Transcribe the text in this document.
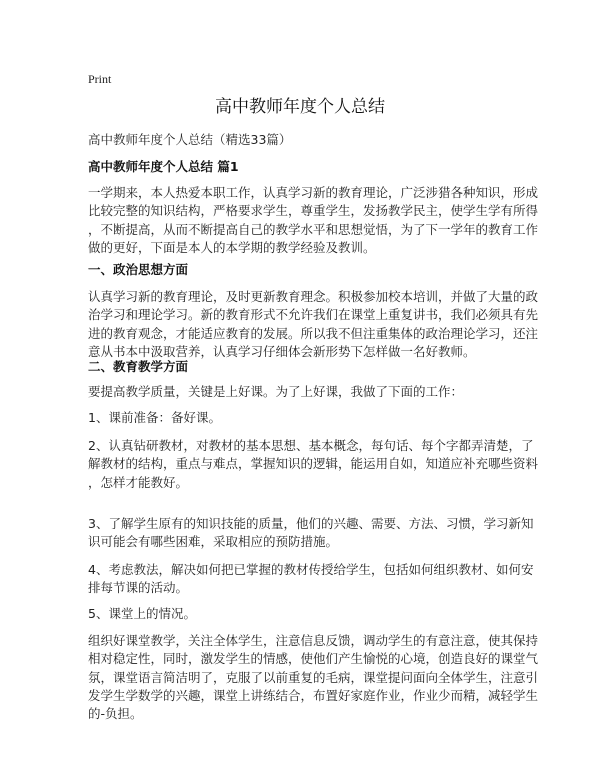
Print
高中教师年度个人总结
高中教师年度个人总结（精选33篇）
高中教师年度个人总结 篇1
一学期来，本人热爱本职工作，认真学习新的教育理论，广泛涉猎各种知识，形成
比较完整的知识结构，严格要求学生，尊重学生，发扬教学民主，使学生学有所得
，不断提高，从而不断提高自己的教学水平和思想觉悟，为了下一学年的教育工作
做的更好，下面是本人的本学期的教学经验及教训。
一、政治思想方面
认真学习新的教育理论，及时更新教育理念。积极参加校本培训，并做了大量的政
治学习和理论学习。新的教育形式不允许我们在课堂上重复讲书，我们必须具有先
进的教育观念，才能适应教育的发展。所以我不但注重集体的政治理论学习，还注
意从书本中汲取营养，认真学习仔细体会新形势下怎样做一名好教师。
二、教育教学方面
要提高教学质量，关键是上好课。为了上好课，我做了下面的工作：
1、课前准备：备好课。
2、认真钻研教材，对教材的基本思想、基本概念，每句话、每个字都弄清楚，了
解教材的结构，重点与难点，掌握知识的逻辑，能运用自如，知道应补充哪些资料
，怎样才能教好。
3、了解学生原有的知识技能的质量，他们的兴趣、需要、方法、习惯，学习新知
识可能会有哪些困难，采取相应的预防措施。
4、考虑教法，解决如何把已掌握的教材传授给学生，包括如何组织教材、如何安
排每节课的活动。
5、课堂上的情况。
组织好课堂教学，关注全体学生，注意信息反馈，调动学生的有意注意，使其保持
相对稳定性，同时，激发学生的情感，使他们产生愉悦的心境，创造良好的课堂气
氛，课堂语言简洁明了，克服了以前重复的毛病，课堂提问面向全体学生，注意引
发学生学数学的兴趣，课堂上讲练结合，布置好家庭作业，作业少而精，减轻学生
的-负担。
